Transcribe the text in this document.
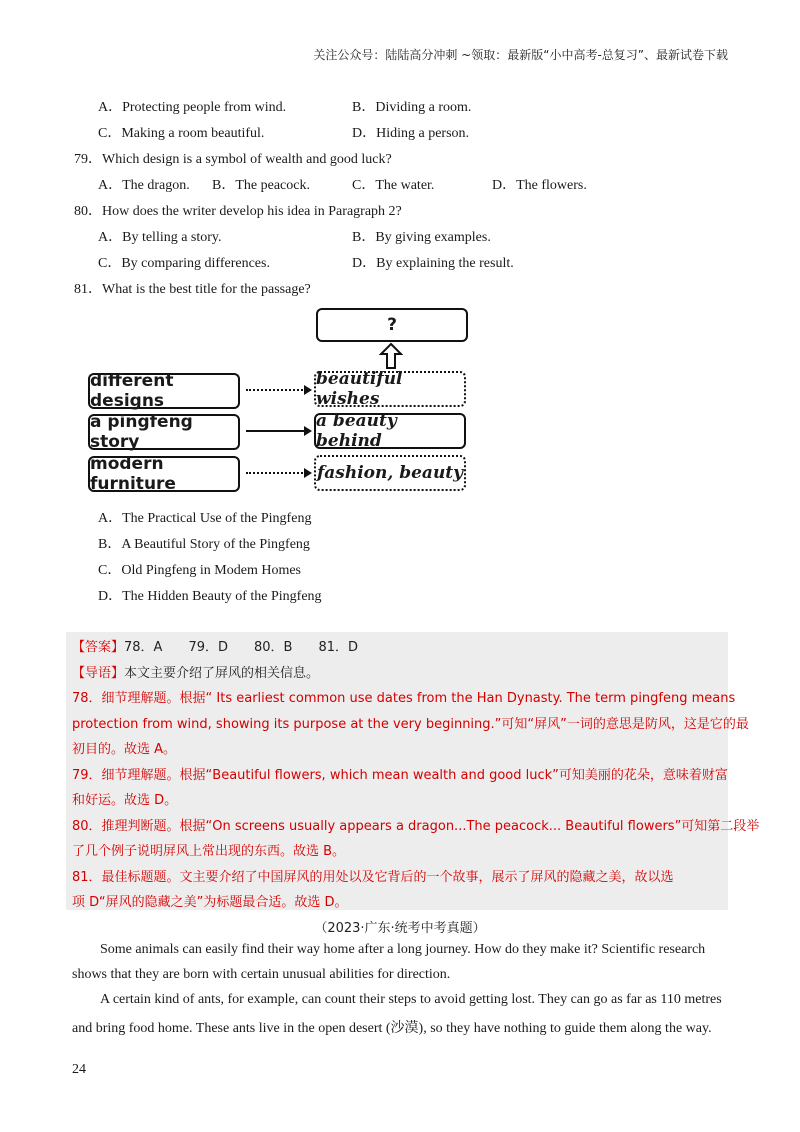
关注公众号：陆陆高分冲刺 ~领取：最新版“小中高考-总复习”、最新试卷下载
A．Protecting people from wind.	B．Dividing a room.
C．Making a room beautiful.	D．Hiding a person.
79．Which design is a symbol of wealth and good luck?
A．The dragon. B．The peacock.	C．The water.	D．The flowers.
80．How does the writer develop his idea in Paragraph 2?
A．By telling a story.	B．By giving examples.
C．By comparing differences.	D．By explaining the result.
81．What is the best title for the passage?
?
different designs
a pingfeng story
modern furniture
beautiful wishes
a beauty behind
fashion, beauty
A．The Practical Use of the Pingfeng
B．A Beautiful Story of the Pingfeng
C．Old Pingfeng in Modem Homes
D．The Hidden Beauty of the Pingfeng
【答案】78．A　　79．D　　80．B　　81．D
【导语】本文主要介绍了屏风的相关信息。
78．细节理解题。根据“ Its earliest common use dates from the Han Dynasty. The term pingfeng means
protection from wind, showing its purpose at the very beginning.”可知“屏风”一词的意思是防风，这是它的最
初目的。故选 A。
79．细节理解题。根据“Beautiful flowers, which mean wealth and good luck”可知美丽的花朵，意味着财富
和好运。故选 D。
80．推理判断题。根据“On screens usually appears a dragon...The peacock... Beautiful flowers”可知第二段举
了几个例子说明屏风上常出现的东西。故选 B。
81．最佳标题题。文主要介绍了中国屏风的用处以及它背后的一个故事，展示了屏风的隐藏之美，故以选
项 D“屏风的隐藏之美”为标题最合适。故选 D。
（2023·广东·统考中考真题）
Some animals can easily find their way home after a long journey. How do they make it? Scientific research
shows that they are born with certain unusual abilities for direction.
A certain kind of ants, for example, can count their steps to avoid getting lost. They can go as far as 110 metres
and bring food home. These ants live in the open desert (沙漠), so they have nothing to guide them along the way.
24
